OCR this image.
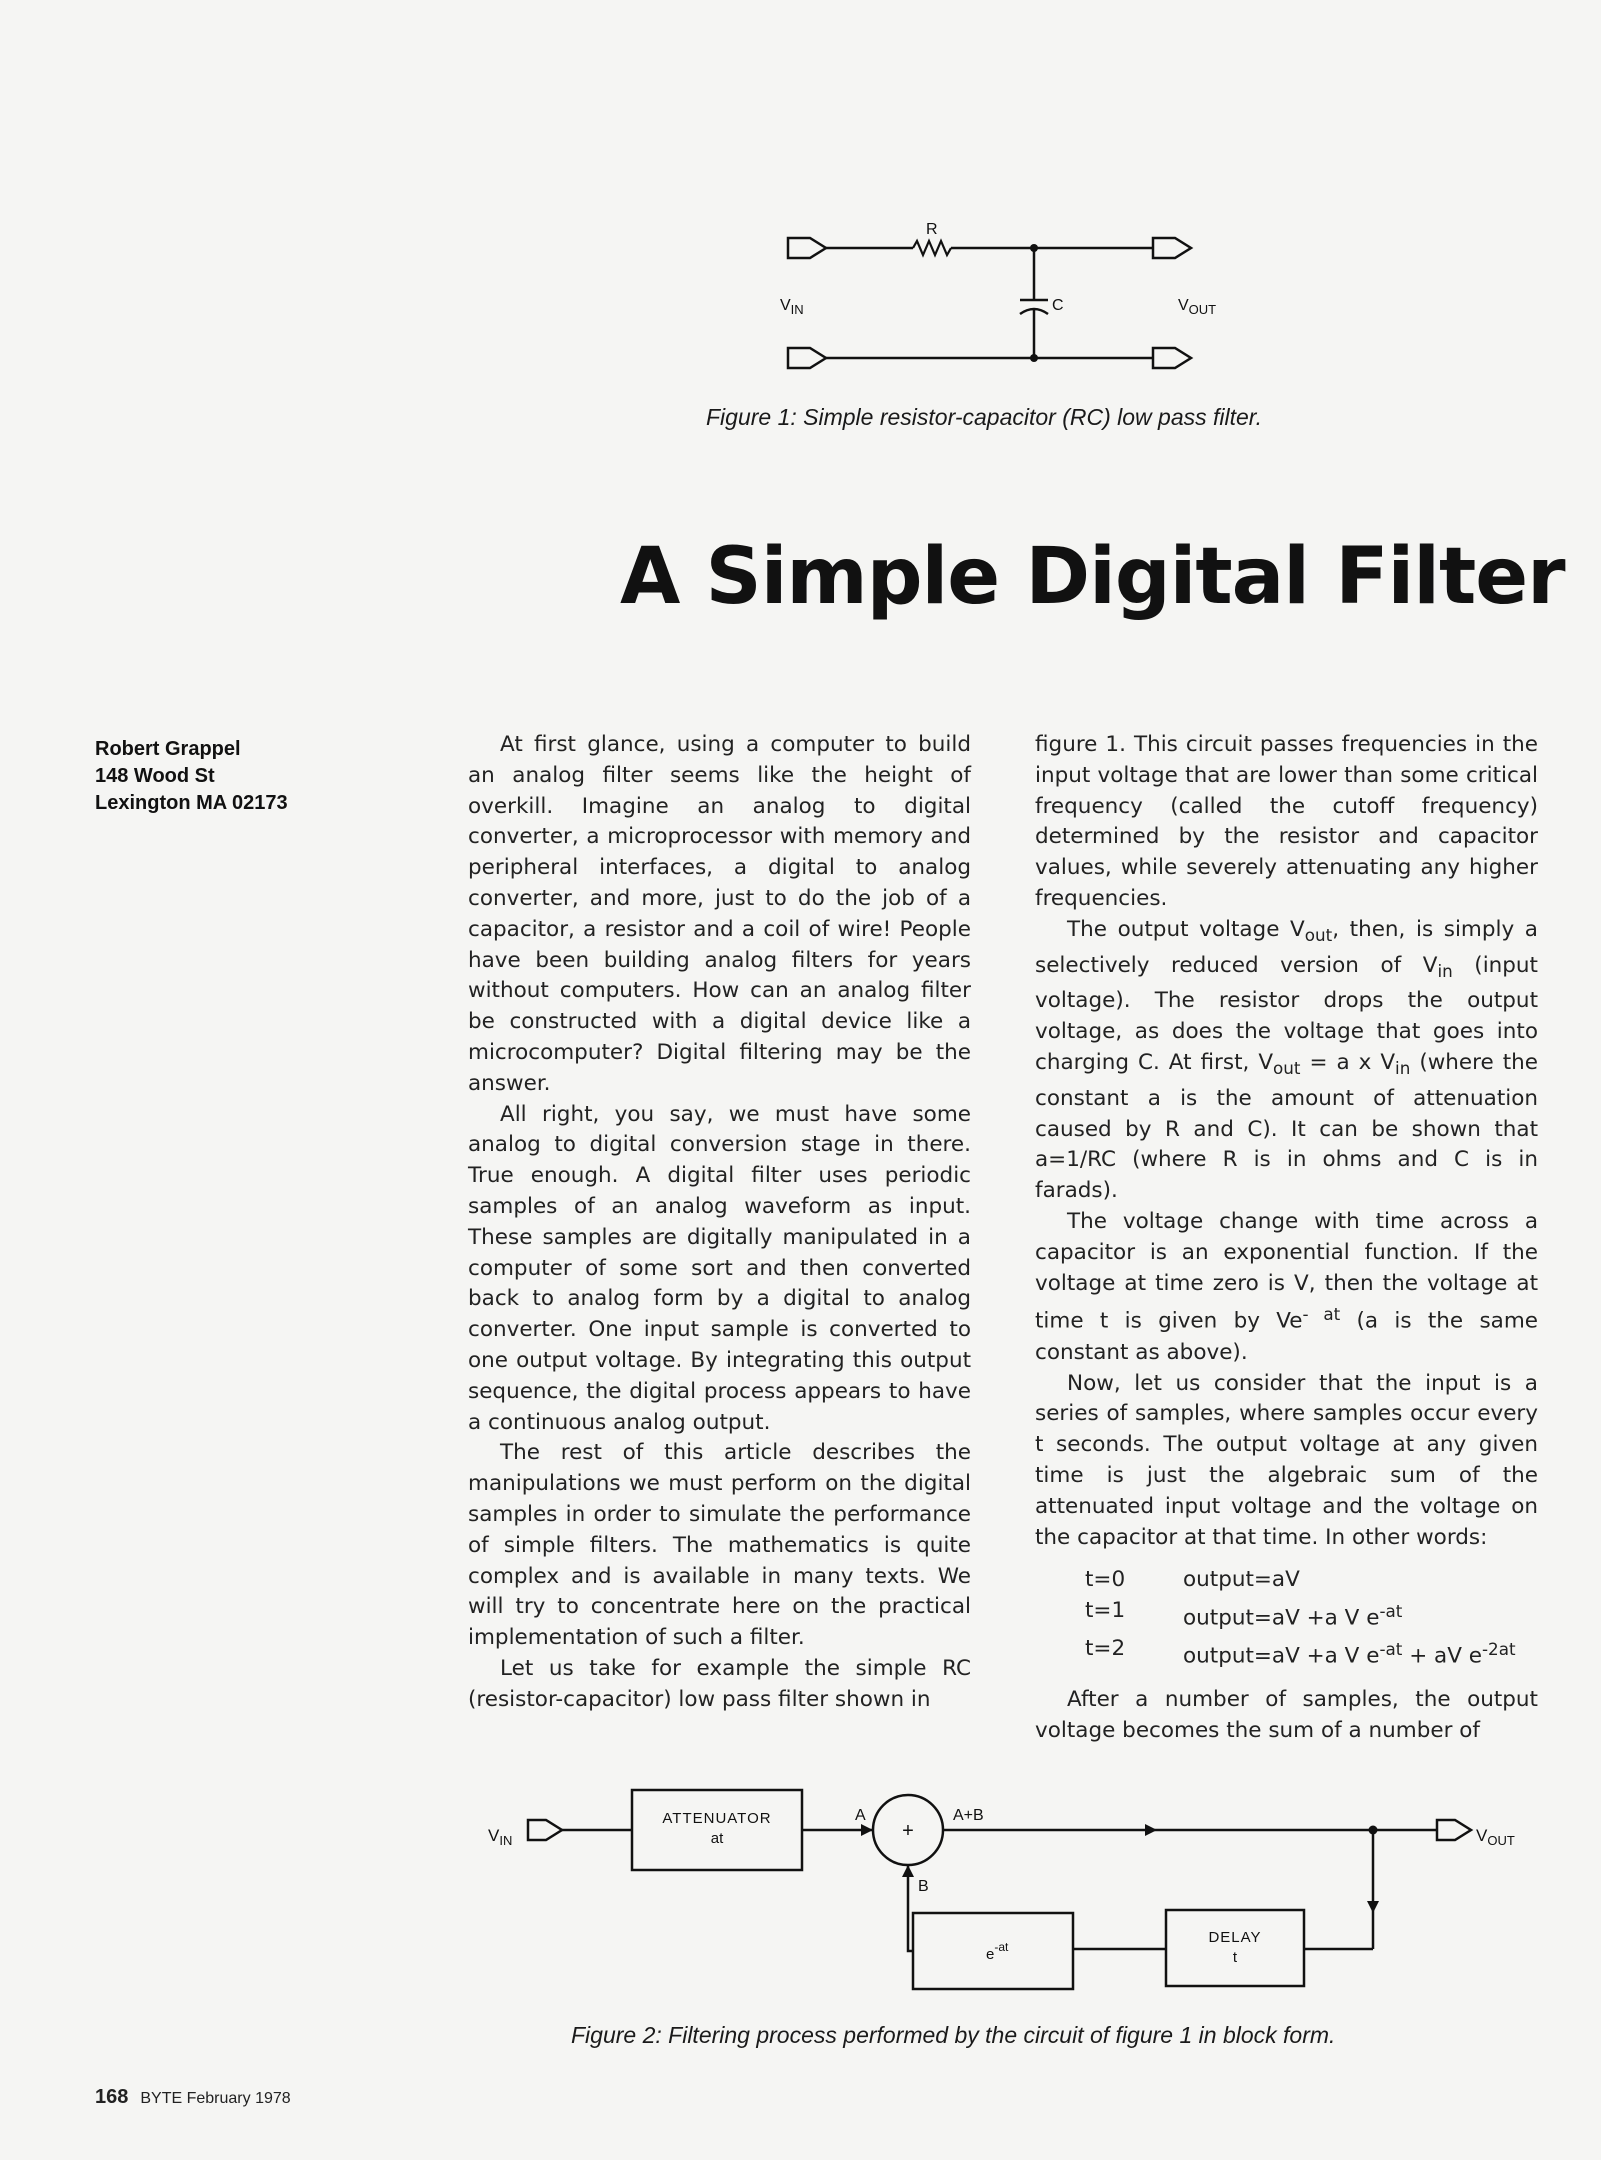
R
C
$V_{IN}$	$V_{OUT}$
Figure 1: Simple resistor-capacitor (RC) low pass filter.
A Simple Digital Filter
Robert Grappel
148 Wood St
Lexington MA 02173

At first glance, using a computer to build an analog filter seems like the height of overkill. Imagine an analog to digital converter, a microprocessor with memory and peripheral interfaces, a digital to analog converter, and more, just to do the job of a capacitor, a resistor and a coil of wire! People have been building analog filters for years without computers. How can an analog filter be constructed with a digital device like a microcomputer? Digital filtering may be the answer.

All right, you say, we must have some analog to digital conversion stage in there. True enough. A digital filter uses periodic samples of an analog waveform as input. These samples are digitally manipulated in a computer of some sort and then converted back to analog form by a digital to analog converter. One input sample is converted to one output voltage. By integrating this output sequence, the digital process appears to have a continuous analog output.

The rest of this article describes the manipulations we must perform on the digital samples in order to simulate the performance of simple filters. The mathematics is quite complex and is available in many texts. We will try to concentrate here on the practical implementation of such a filter.

Let us take for example the simple RC (resistor-capacitor) low pass filter shown in

figure 1. This circuit passes frequencies in the input voltage that are lower than some critical frequency (called the cutoff frequency) determined by the resistor and capacitor values, while severely attenuating any higher frequencies.

The output voltage $V_{out}$, then, is simply a selectively reduced version of $V_{in}$ (input voltage). The resistor drops the output voltage, as does the voltage that goes into charging C. At first, $V_{out} = a$ x $V_{in}$ (where the constant a is the amount of attenuation caused by R and C). It can be shown that a=1/RC (where R is in ohms and C is in farads).

The voltage change with time across a capacitor is an exponential function. If the voltage at time zero is V, then the voltage at time t is given by $Ve^{- at}$ (a is the same constant as above).

Now, let us consider that the input is a series of samples, where samples occur every t seconds. The output voltage at any given time is just the algebraic sum of the attenuated input voltage and the voltage on the capacitor at that time. In other words:

t=0	output=aV
t=1	output=aV +a V $e^{-at}$
t=2	output=aV +a V $e^{-at}$ + aV $e^{-2at}$

After a number of samples, the output voltage becomes the sum of a number of

$V_{IN}$	$V_{OUT}$
ATTENUATOR
at
A
+
A+B
B
$e^{-at}$
DELAY
t
Figure 2: Filtering process performed by the circuit of figure 1 in block form.
168 BYTE February 1978
